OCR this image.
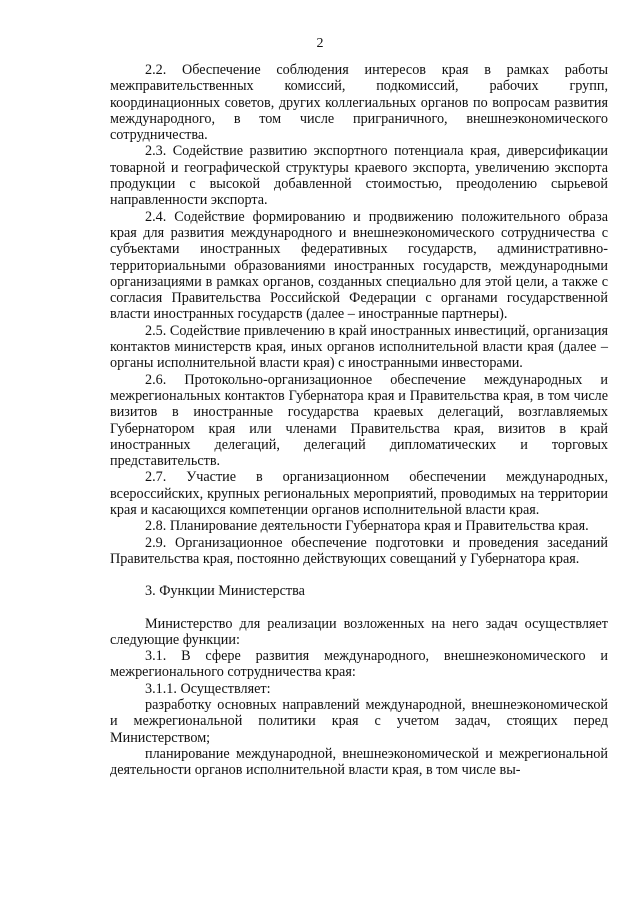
2

2.2. Обеспечение соблюдения интересов края в рамках работы межправительственных комиссий, подкомиссий, рабочих групп, координационных советов, других коллегиальных органов по вопросам развития международного, в том числе приграничного, внешнеэкономического сотрудничества.

2.3. Содействие развитию экспортного потенциала края, диверсификации товарной и географической структуры краевого экспорта, увеличению экспорта продукции с высокой добавленной стоимостью, преодолению сырьевой направленности экспорта.

2.4. Содействие формированию и продвижению положительного образа края для развития международного и внешнеэкономического сотрудничества с субъектами иностранных федеративных государств, административно-территориальными образованиями иностранных государств, международными организациями в рамках органов, созданных специально для этой цели, а также с согласия Правительства Российской Федерации с органами государственной власти иностранных государств (далее – иностранные партнеры).

2.5. Содействие привлечению в край иностранных инвестиций, организация контактов министерств края, иных органов исполнительной власти края (далее – органы исполнительной власти края) с иностранными инвесторами.

2.6. Протокольно-организационное обеспечение международных и межрегиональных контактов Губернатора края и Правительства края, в том числе визитов в иностранные государства краевых делегаций, возглавляемых Губернатором края или членами Правительства края, визитов в край иностранных делегаций, делегаций дипломатических и торговых представительств.

2.7. Участие в организационном обеспечении международных, всероссийских, крупных региональных мероприятий, проводимых на территории края и касающихся компетенции органов исполнительной власти края.

2.8. Планирование деятельности Губернатора края и Правительства края.

2.9. Организационное обеспечение подготовки и проведения заседаний Правительства края, постоянно действующих совещаний у Губернатора края.

3. Функции Министерства

Министерство для реализации возложенных на него задач осуществляет следующие функции:

3.1. В сфере развития международного, внешнеэкономического и межрегионального сотрудничества края:

3.1.1. Осуществляет:

разработку основных направлений международной, внешнеэкономической и межрегиональной политики края с учетом задач, стоящих перед Министерством;

планирование международной, внешнеэкономической и межрегиональной деятельности органов исполнительной власти края, в том числе вы-
